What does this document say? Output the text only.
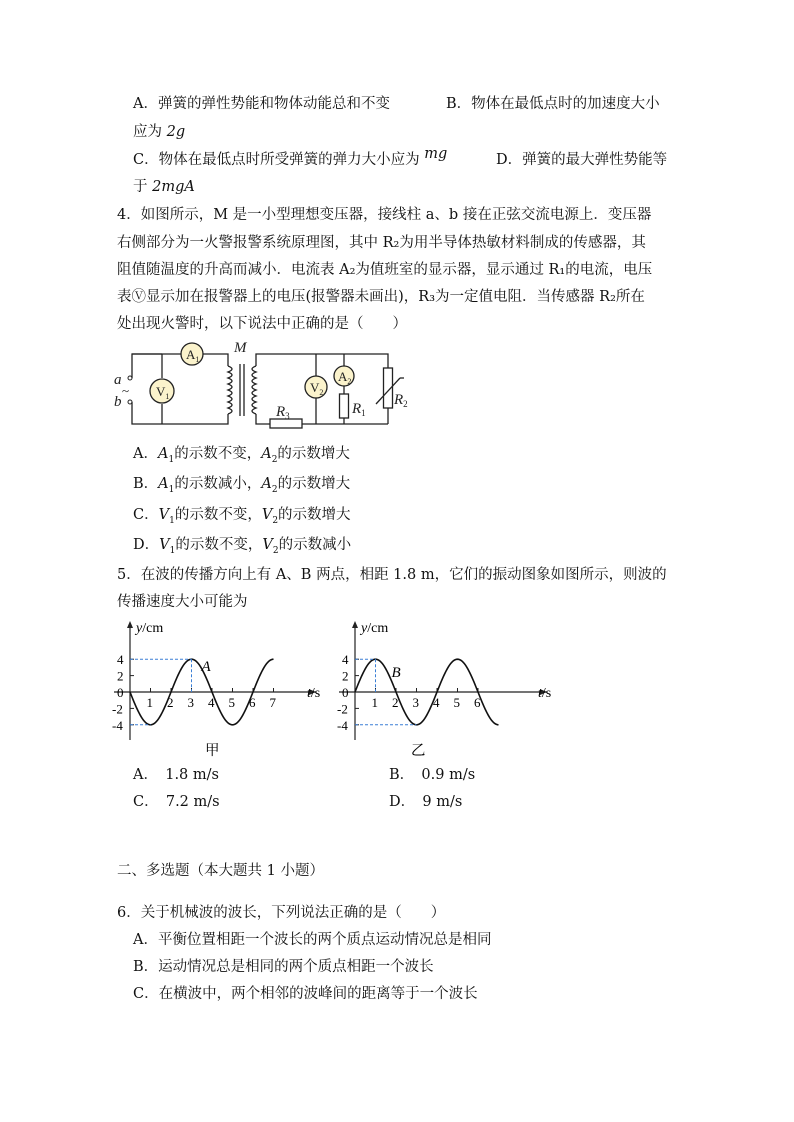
A．弹簧的弹性势能和物体动能总和不变	B．物体在最低点时的加速度大小
应为 2g
C．物体在最低点时所受弹簧的弹力大小应为 mg	D．弹簧的最大弹性势能等
于 2mgA
4．如图所示，M 是一小型理想变压器，接线柱 a、b 接在正弦交流电源上．变压器
右侧部分为一火警报警系统原理图，其中 R₂为用半导体热敏材料制成的传感器，其
阻值随温度的升高而减小．电流表 A₂为值班室的显示器，显示通过 R₁的电流，电压
表Ⓥ显示加在报警器上的电压(报警器未画出)，R₃为一定值电阻．当传感器 R₂所在
处出现火警时，以下说法中正确的是（　　）
$A_1$
$V_1$
$V_2$
$A_2$
M
a
b
~
$R_3$	$R_1$
$R_2$
A．$A_1$的示数不变，$A_2$的示数增大
B．$A_1$的示数减小，$A_2$的示数增大
C．$V_1$的示数不变，$V_2$的示数增大
D．$V_1$的示数不变，$V_2$的示数减小
5．在波的传播方向上有 A、B 两点，相距 1.8 m，它们的振动图象如图所示，则波的
传播速度大小可能为
y/cm
t/s
1 2 3 4 5 6 7
4
2
0
-2
-4
A
甲
y/cm
t/s
1 2 3 4 5 6
4
2
0
-2
-4
B
乙
A．　1.8 m/s	B．　0.9 m/s
C．　7.2 m/s	D．　9 m/s
二、多选题（本大题共 1 小题）
6．关于机械波的波长，下列说法正确的是（　　）
A．平衡位置相距一个波长的两个质点运动情况总是相同
B．运动情况总是相同的两个质点相距一个波长
C．在横波中，两个相邻的波峰间的距离等于一个波长
